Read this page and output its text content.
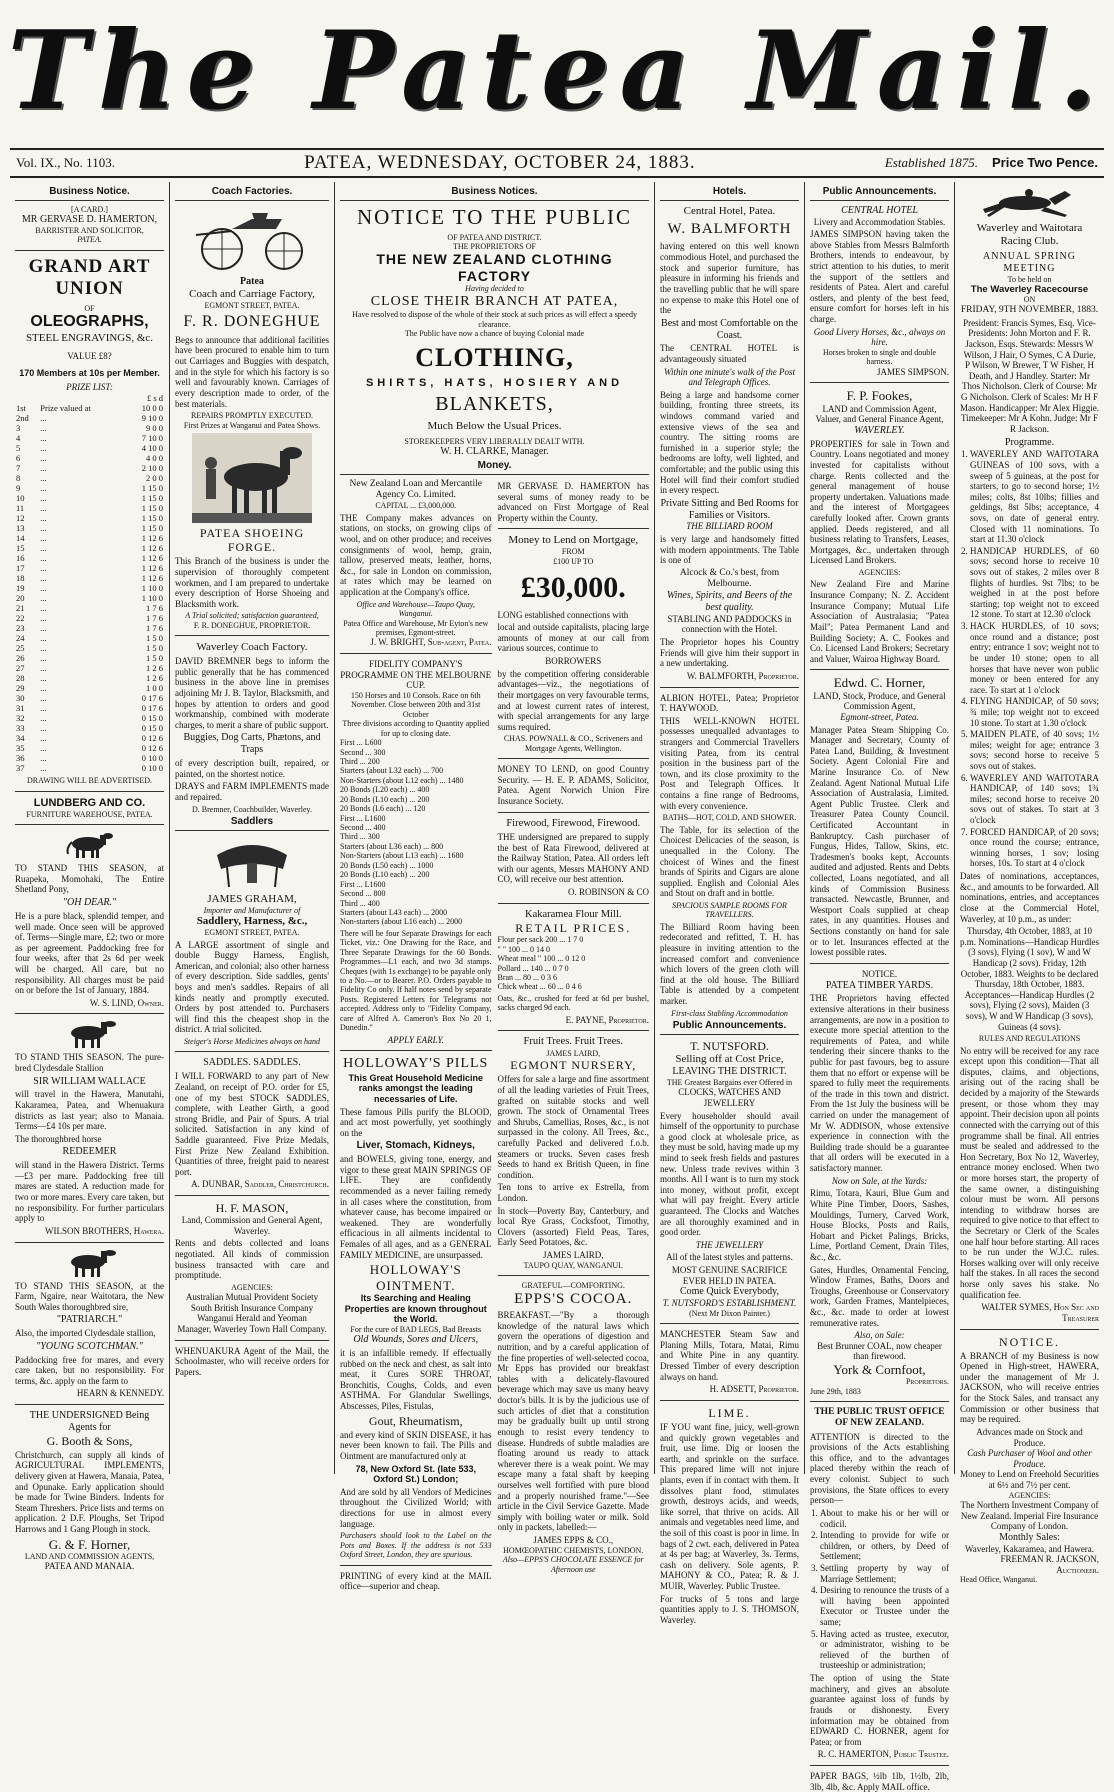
The Patea Mail.
Vol. IX., No. 1103.	PATEA, WEDNESDAY, OCTOBER 24, 1883.	Established 1875. Price Two Pence.
Business Notice.
[A CARD.]
MR GERVASE D. HAMERTON,
BARRISTER AND SOLICITOR,
PATEA.
GRAND ART UNION
OF
OLEOGRAPHS,
STEEL ENGRAVINGS, &c.
VALUE £8?
170 Members at 10s per Member.
PRIZE LIST:
		£ s d
1st	Prize valued at	10 0 0
2nd	...	9 10 0
3	...	9 0 0
4	...	7 10 0
5	...	4 10 0
6	...	4 0 0
7	...	2 10 0
8	...	2 0 0
9	...	1 15 0
10	...	1 15 0
11	...	1 15 0
12	...	1 15 0
13	...	1 15 0
14	...	1 12 6
15	...	1 12 6
16	...	1 12 6
17	...	1 12 6
18	...	1 12 6
19	...	1 10 0
20	...	1 10 0
21	...	1 7 6
22	...	1 7 6
23	...	1 7 6
24	...	1 5 0
25	...	1 5 0
26	...	1 5 0
27	...	1 2 6
28	...	1 2 6
29	...	1 0 0
30	...	0 17 6
31	...	0 17 6
32	...	0 15 0
33	...	0 15 0
34	...	0 12 6
35	...	0 12 6
36	...	0 10 0
37	...	0 10 0
DRAWING WILL BE ADVERTISED.
LUNDBERG AND CO.
FURNITURE WAREHOUSE, PATEA.

TO STAND THIS SEASON, at Ruapeka, Momohaki, The Entire Shetland Pony,

"OH DEAR."

He is a pure black, splendid temper, and well made. Once seen will be approved of. Terms—Single mare, £2; two or more as per agreement. Paddocking free for four weeks, after that 2s 6d per week will be charged. All care, but no responsibility. All charges must be paid on or before the 1st of January, 1884.

W. S. LIND, Owner.

TO STAND THIS SEASON. The pure-bred Clydesdale Stallion

SIR WILLIAM WALLACE

will travel in the Hawera, Manutahi, Kakaramea, Patea, and Whenuakura districts as last year; also to Manaia. Terms—£4 10s per mare.

The thoroughbred horse

REDEEMER

will stand in the Hawera District. Terms—£3 per mare. Paddocking free till mares are stated. A reduction made for two or more mares. Every care taken, but no responsibility. For further particulars apply to

WILSON BROTHERS, Hawera.

TO STAND THIS SEASON, at the Farm, Ngaire, near Waitotara, the New South Wales thoroughbred sire,

"PATRIARCH."

Also, the imported Clydesdale stallion,

"YOUNG SCOTCHMAN."

Paddocking free for mares, and every care taken, but no responsibility. For terms, &c. apply on the farm to

HEARN & KENNEDY.
THE UNDERSIGNED Being Agents for
G. Booth & Sons,

Christchurch, can supply all kinds of AGRICULTURAL IMPLEMENTS, delivery given at Hawera, Manaia, Patea, and Opunake. Early application should be made for Twine Binders. Indents for Steam Threshers. Price lists and terms on application. 2 D.F. Ploughs, Set Tripod Harrows and 1 Gang Plough in stock.

G. & F. Horner,
LAND AND COMMISSION AGENTS,
PATEA AND MANAIA.
Coach Factories.
Patea
Coach and Carriage Factory,
EGMONT STREET, PATEA.
F. R. DONEGHUE

Begs to announce that additional facilities have been procured to enable him to turn out Carriages and Buggies with despatch, and in the style for which his factory is so well and favourably known. Carriages of every description made to order, of the best materials.

REPAIRS PROMPTLY EXECUTED.
First Prizes at Wanganui and Patea Shows.
PATEA SHOEING FORGE.

This Branch of the business is under the supervision of thoroughly competent workmen, and I am prepared to undertake every description of Horse Shoeing and Blacksmith work.

A Trial solicited; satisfaction guaranteed,
F. R. DONEGHUE, PROPRIETOR.
Waverley Coach Factory.

DAVID BREMNER begs to inform the public generally that he has commenced business in the above line in premises adjoining Mr J. B. Taylor, Blacksmith, and hopes by attention to orders and good workmanship, combined with moderate charges, to merit a share of public support.

Buggies, Dog Carts, Phætons, and Traps

of every description built, repaired, or painted, on the shortest notice.

DRAYS and FARM IMPLEMENTS made and repaired.

D. Bremner, Coachbuilder, Waverley.
Saddlers
JAMES GRAHAM,
Importer and Manufacturer of
Saddlery, Harness, &c.,
EGMONT STREET, PATEA.

A LARGE assortment of single and double Buggy Harness, English, American, and colonial; also other harness of every description. Side saddles, gents' boys and men's saddles. Repairs of all kinds neatly and promptly executed. Orders by post attended to. Purchasers will find this the cheapest shop in the district. A trial solicited.

Steiger's Horse Medicines always on hand
SADDLES. SADDLES.

I WILL FORWARD to any part of New Zealand, on receipt of P.O. order for £5, one of my best STOCK SADDLES, complete, with Leather Girth, a good strong Bridle, and Pair of Spurs. A trial solicited. Satisfaction in any kind of Saddle guaranteed. Five Prize Medals, First Prize New Zealand Exhibition. Quantities of three, freight paid to nearest port.

A. DUNBAR, Saddler, Christchurch.
H. F. MASON,
Land, Commission and General Agent, Waverley.

Rents and debts collected and loans negotiated. All kinds of commission business transacted with care and promptitude.

AGENCIES:
Australian Mutual Provident Society South British Insurance Company Wanganui Herald and Yeoman
Manager, Waverley Town Hall Company.

WHENUAKURA Agent of the Mail, the Schoolmaster, who will receive orders for Papers.

Business Notices.
NOTICE TO THE PUBLIC
OF PATEA AND DISTRICT.
THE PROPRIETORS OF
THE NEW ZEALAND CLOTHING FACTORY
Having decided to
CLOSE THEIR BRANCH AT PATEA,
Have resolved to dispose of the whole of their stock at such prices as will effect a speedy clearance.
The Public have now a chance of buying Colonial made
CLOTHING,
SHIRTS, HATS, HOSIERY AND
BLANKETS,
Much Below the Usual Prices.
STOREKEEPERS VERY LIBERALLY DEALT WITH.
W. H. CLARKE, Manager.
Money.
New Zealand Loan and Mercantile Agency Co. Limited.
CAPITAL ... £3,000,000.

THE Company makes advances on stations, on stocks, on growing clips of wool, and on other produce; and receives consignments of wool, hemp, grain, tallow, preserved meats, leather, horns, &c., for sale in London on commission, at rates which may be learned on application at the Company's office.

Office and Warehouse—Taupo Quay, Wanganui.
Patea Office and Warehouse, Mr Eyton's new premises, Egmont-street.
J. W. BRIGHT, Sub-agent, Patea.
FIDELITY COMPANY'S PROGRAMME ON THE MELBOURNE CUP.
150 Horses and 10 Consols. Race on 6th November. Close between 20th and 31st October
Three divisions according to Quantity applied for up to closing date.
First ... L600
Second ... 300
Third ... 200
Starters (about L32 each) ... 700
Non-Starters (about L12 each) ... 1480
20 Bonds (L20 each) ... 400
20 Bonds (L10 each) ... 200
20 Bonds (L6 each) ... 120
First ... L1600
Second ... 400
Third ... 300
Starters (about L36 each) ... 800
Non-Starters (about L13 each) ... 1680
20 Bonds (L50 each) ... 1000
20 Bonds (L10 each) ... 200
First ... L1600
Second ... 800
Third ... 400
Starters (about L43 each) ... 2000
Non-starters (about L16 each) ... 2000

There will be four Separate Drawings for each Ticket, viz.: One Drawing for the Race, and Three Separate Drawings for the 60 Bonds. Programmes—L1 each, and two 3d stamps. Cheques (with 1s exchange) to be payable only to a No.—or to Bearer. P.O. Orders payable to Fidelity Co only. If half notes send by separate Posts. Registered Letters for Telegrams not accepted. Address only to "Fidelity Company, care of Alfred A. Cameron's Box No 20 1, Dunedin."

APPLY EARLY.
HOLLOWAY'S PILLS
This Great Household Medicine ranks amongst the leading necessaries of Life.

These famous Pills purify the BLOOD, and act most powerfully, yet soothingly on the

Liver, Stomach, Kidneys,

and BOWELS, giving tone, energy, and vigor to these great MAIN SPRINGS OF LIFE. They are confidently recommended as a never failing remedy in all cases where the constitution, from whatever cause, has become impaired or weakened. They are wonderfully efficacious in all ailments incidental to Females of all ages, and as a GENERAL FAMILY MEDICINE, are unsurpassed.

HOLLOWAY'S OINTMENT.
Its Searching and Healing Properties are known throughout the World.
For the cure of BAD LEGS, Bad Breasts
Old Wounds, Sores and Ulcers,

it is an infallible remedy. If effectually rubbed on the neck and chest, as salt into meat, it Cures SORE THROAT, Bronchitis, Coughs, Colds, and even ASTHMA. For Glandular Swellings, Abscesses, Piles, Fistulas,

Gout, Rheumatism,

and every kind of SKIN DISEASE, it has never been known to fail. The Pills and Ointment are manufactured only at

78, New Oxford St. (late 533, Oxford St.) London;

And are sold by all Vendors of Medicines throughout the Civilized World; with directions for use in almost every language.

Purchasers should look to the Label on the Pots and Boxes. If the address is not 533 Oxford Street, London, they are spurious.

PRINTING of every kind at the MAIL office—superior and cheap.

MR GERVASE D. HAMERTON has several sums of money ready to be advanced on First Mortgage of Real Property within the County.

Money to Lend on Mortgage,
FROM
£100 UP TO
£30,000.

LONG established connections with

local and outside capitalists, placing large amounts of money at our call from various sources, continue to

BORROWERS

by the competition offering considerable advantages—viz., the negotiations of their mortgages on very favourable terms, and at lowest current rates of interest, with special arrangements for any large sums required.

CHAS. POWNALL & CO., Scriveners and Mortgage Agents, Wellington.

MONEY TO LEND, on good Country Security. — H. E. P. ADAMS, Solicitor, Patea. Agent Norwich Union Fire Insurance Society.

Firewood, Firewood, Firewood.

THE undersigned are prepared to supply the best of Rata Firewood, delivered at the Railway Station, Patea. All orders left with our agents, Messrs MAHONY AND CO, will receive our best attention.

O. ROBINSON & CO
Kakaramea Flour Mill.
RETAIL PRICES.
Flour per sack 200 ... 1 7 0
" " 100 ... 0 14 0
Wheat meal " 100 ... 0 12 0
Pollard ... 140 ... 0 7 0
Bran ... 80 ... 0 3 6
Chick wheat ... 60 ... 0 4 6

Oats, &c., crushed for feed at 6d per bushel, sacks charged 9d each.

E. PAYNE, Proprietor.
Fruit Trees. Fruit Trees.
JAMES LAIRD,
EGMONT NURSERY,

Offers for sale a large and fine assortment of all the leading varieties of Fruit Trees, grafted on suitable stocks and well grown. The stock of Ornamental Trees and Shrubs, Camellias, Roses, &c., is not surpassed in the colony. All Trees, &c., carefully Packed and delivered f.o.b. steamers or trucks. Seven cases fresh Seeds to hand ex British Queen, in fine condition.

Ten tons to arrive ex Estrella, from London.

In stock—Poverty Bay, Canterbury, and local Rye Grass, Cocksfoot, Timothy, Clovers (assorted) Field Peas, Tares, Early Seed Potatoes, &c.

JAMES LAIRD,
TAUPO QUAY, WANGANUI.
GRATEFUL—COMFORTING.
EPPS'S COCOA.

BREAKFAST.—"By a thorough knowledge of the natural laws which govern the operations of digestion and nutrition, and by a careful application of the fine properties of well-selected cocoa, Mr Epps has provided our breakfast tables with a delicately-flavoured beverage which may save us many heavy doctor's bills. It is by the judicious use of such articles of diet that a constitution may be gradually built up until strong enough to resist every tendency to disease. Hundreds of subtle maladies are floating around us ready to attack wherever there is a weak point. We may escape many a fatal shaft by keeping ourselves well fortified with pure blood and a properly nourished frame."—See article in the Civil Service Gazette. Made simply with boiling water or milk. Sold only in packets, labelled:—

JAMES EPPS & CO.,
HOMŒOPATHIC CHEMISTS, LONDON.
Also—EPPS'S CHOCOLATE ESSENCE for Afternoon use
Hotels.
Central Hotel, Patea.
W. BALMFORTH

having entered on this well known commodious Hotel, and purchased the stock and superior furniture, has pleasure in informing his friends and the travelling public that he will spare no expense to make this Hotel one of the

Best and most Comfortable on the Coast.

The CENTRAL HOTEL is advantageously situated

Within one minute's walk of the Post and Telegraph Offices.

Being a large and handsome corner building, fronting three streets, its windows command varied and extensive views of the sea and country. The sitting rooms are furnished in a superior style; the bedrooms are lofty, well lighted, and comfortable; and the public using this Hotel will find their comfort studied in every respect.

Private Sitting and Bed Rooms for Families or Visitors.
THE BILLIARD ROOM

is very large and handsomely fitted with modern appointments. The Table is one of

Alcock & Co.'s best, from Melbourne.
Wines, Spirits, and Beers of the best quality.
STABLING AND PADDOCKS in connection with the Hotel.

The Proprietor hopes his Country Friends will give him their support in a new undertaking.

W. BALMFORTH, Proprietor.

ALBION HOTEL, Patea; Proprietor T. HAYWOOD.

THIS WELL-KNOWN HOTEL possesses unequalled advantages to strangers and Commercial Travellers visiting Patea, from its central position in the business part of the town, and its close proximity to the Post and Telegraph Offices. It contains a fine range of Bedrooms, with every convenience.

BATHS—HOT, COLD, AND SHOWER.

The Table, for its selection of the Choicest Delicacies of the season, is unequalled in the Colony. The choicest of Wines and the finest brands of Spirits and Cigars are alone supplied. English and Colonial Ales and Stout on draft and in bottle.

SPACIOUS SAMPLE ROOMS FOR TRAVELLERS.

The Billiard Room having been redecorated and refitted, T. H. has pleasure in inviting attention to the increased comfort and convenience which lovers of the green cloth will find at the old house. The Billiard Table is attended by a competent marker.

First-class Stabling Accommodation
Public Announcements.
T. NUTSFORD.
Selling off at Cost Price,
LEAVING THE DISTRICT.
THE Greatest Bargains ever Offered in
CLOCKS, WATCHES AND JEWELLERY

Every householder should avail himself of the opportunity to purchase a good clock at wholesale price, as they must be sold, having made up my mind to seek fresh fields and pastures new. Unless trade revives within 3 months. All I want is to turn my stock into money, without profit, except what will pay freight. Every article guaranteed. The Clocks and Watches are all thoroughly examined and in good order.

THE JEWELLERY

All of the latest styles and patterns.

MOST GENUINE SACRIFICE EVER HELD IN PATEA.
Come Quick Everybody,
T. NUTSFORD'S ESTABLISHMENT.
(Next Mr Dixon Painter.)

MANCHESTER Steam Saw and Planing Mills, Totara, Matai, Rimu and White Pine in any quantity. Dressed Timber of every description always on hand.

H. ADSETT, Proprietor.
LIME.

IF YOU want fine, juicy, well-grown and quickly grown vegetables and fruit, use lime. Dig or loosen the earth, and sprinkle on the surface. This prepared lime will not injure plants, even if in contact with them. It dissolves plant food, stimulates growth, destroys acids, and weeds, like sorrel, that thrive on acids. All animals and vegetables need lime, and the soil of this coast is poor in lime. In bags of 2 cwt. each, delivered in Patea at 4s per bag; at Waverley, 3s. Terms, cash on delivery. Sole agents, P. MAHONY & CO., Patea; R. & J. MUIR, Waverley. Public Trustee.

For trucks of 5 tons and large quantities apply to J. S. THOMSON, Waverley.

Public Announcements.
CENTRAL HOTEL
Livery and Accommodation Stables.

JAMES SIMPSON having taken the above Stables from Messrs Balmforth Brothers, intends to endeavour, by strict attention to his duties, to merit the support of the settlers and residents of Patea. Alert and careful ostlers, and plenty of the best feed, ensure comfort for horses left in his charge.

Good Livery Horses, &c., always on hire.
Horses broken to single and double harness.
JAMES SIMPSON.
F. P. Fookes,
LAND and Commission Agent, Valuer, and General Finance Agent,
WAVERLEY.

PROPERTIES for sale in Town and Country. Loans negotiated and money invested for capitalists without charge. Rents collected and the general management of house property undertaken. Valuations made and the interest of Mortgagees carefully looked after. Crown grants applied. Deeds registered, and all business relating to Transfers, Leases, Mortgages, &c., undertaken through Licensed Land Brokers.

AGENCIES:

New Zealand Fire and Marine Insurance Company; N. Z. Accident Insurance Company; Mutual Life Association of Australasia; "Patea Mail"; Patea Permanent Land and Building Society; A. C. Fookes and Co. Licensed Land Brokers; Secretary and Valuer, Wairoa Highway Board.

Edwd. C. Horner,
LAND, Stock, Produce, and General Commission Agent,
Egmont-street, Patea.

Manager Patea Steam Shipping Co. Manager and Secretary, County of Patea Land, Building, & Investment Society. Agent Colonial Fire and Marine Insurance Co. of New Zealand. Agent National Mutual Life Association of Australasia, Limited. Agent Public Trustee. Clerk and Treasurer Patea County Council. Certificated Accountant in Bankruptcy. Cash purchaser of Fungus, Hides, Tallow, Skins, etc. Tradesmen's books kept, Accounts audited and adjusted. Rents and Debts collected, Loans negotiated, and all kinds of Commission Business transacted. Newcastle, Brunner, and Westport Coals supplied at cheap rates, in any quantities. Houses and Sections constantly on hand for sale or to let. Insurances effected at the lowest possible rates.

NOTICE.
PATEA TIMBER YARDS.

THE Proprietors having effected extensive alterations in their business arrangements, are now in a position to execute more special attention to the requirements of Patea, and while tendering their sincere thanks to the public for past favours, beg to assure them that no effort or expense will be spared to fully meet the requirements of the trade in this town and district. From the 1st July the business will be carried on under the management of Mr W. ADDISON, whose extensive experience in connection with the Building trade should be a guarantee that all orders will be executed in a satisfactory manner.

Now on Sale, at the Yards:

Rimu, Totara, Kauri, Blue Gum and White Pine Timber, Doors, Sashes, Mouldings, Turnery, Carved Work, House Blocks, Posts and Rails, Hobart and Picket Palings, Bricks, Lime, Portland Cement, Drain Tiles, &c., &c.

Gates, Hurdles, Ornamental Fencing, Window Frames, Baths, Doors and Troughs, Greenhouse or Conservatory work, Garden Frames, Mantelpieces, &c., &c. made to order at lowest remunerative rates.

Also, on Sale:
Best Brunner COAL, now cheaper than firewood.
York & Cornfoot,
Proprietors.
June 29th, 1883
THE PUBLIC TRUST OFFICE OF NEW ZEALAND.

ATTENTION is directed to the provisions of the Acts establishing this office, and to the advantages placed thereby within the reach of every colonist. Subject to such provisions, the State offices to every person—

1. About to make his or her will or codicil.
2. Intending to provide for wife or children, or others, by Deed of Settlement;
3. Settling property by way of Marriage Settlement;
4. Desiring to renounce the trusts of a will having been appointed Executor or Trustee under the same;
5. Having acted as trustee, executor, or administrator, wishing to be relieved of the burthen of trusteeship or administration;

The option of using the State machinery, and gives an absolute guarantee against loss of funds by frauds or dishonesty. Every information may be obtained from EDWARD C. HORNER, agent for Patea; or from

R. C. HAMERTON, Public Trustee.

PAPER BAGS, ½lb 1lb, 1½lb, 2lb, 3lb, 4lb, &c. Apply MAIL office.

Waverley and Waitotara Racing Club.
ANNUAL SPRING MEETING
To be held on
The Waverley Racecourse
ON
FRIDAY, 9TH NOVEMBER, 1883.

President: Francis Symes, Esq. Vice-Presidents: John Morton and F. R. Jackson, Esqs. Stewards: Messrs W Wilson, J Hair, O Symes, C A Durie, P Wilson, W Brewer, T W Fisher, H Death, and J Handley. Starter: Mr Thos Nicholson. Clerk of Course: Mr G Nicholson. Clerk of Scales: Mr H F Mason. Handicapper: Mr Alex Higgie. Timekeeper: Mr A Kohn. Judge: Mr F R Jackson.

Programme.
1. WAVERLEY AND WAITOTARA GUINEAS of 100 sovs, with a sweep of 5 guineas, at the post for starters, to go to second horse; 1½ miles; colts, 8st 10lbs; fillies and geldings, 8st 5lbs; acceptance, 4 sovs, on date of general entry. Closed with 11 nominations. To start at 11.30 o'clock
2. HANDICAP HURDLES, of 60 sovs; second horse to receive 10 sovs out of stakes, 2 miles over 8 flights of hurdles. 9st 7lbs; to be weighed in at the post before starting; top weight not to exceed 12 stone. To start at 12.30 o'clock
3. HACK HURDLES, of 10 sovs; once round and a distance; post entry; entrance 1 sov; weight not to be under 10 stone; open to all horses that have never won public money or been entered for any race. To start at 1 o'clock
4. FLYING HANDICAP, of 50 sovs; ¾ mile; top weight not to exceed 10 stone. To start at 1.30 o'clock
5. MAIDEN PLATE, of 40 sovs; 1½ miles; weight for age; entrance 3 sovs; second horse to receive 5 sovs out of stakes.
6. WAVERLEY AND WAITOTARA HANDICAP, of 140 sovs; 1¾ miles; second horse to receive 20 sovs out of stakes. To start at 3 o'clock
7. FORCED HANDICAP, of 20 sovs; once round the course; entrance, winning horses, 1 sov; losing horses, 10s. To start at 4 o'clock

Dates of nominations, acceptances, &c., and amounts to be forwarded. All nominations, entries, and acceptances close at the Commercial Hotel, Waverley, at 10 p.m., as under:

Thursday, 4th October, 1883, at 10 p.m. Nominations—Handicap Hurdles (3 sovs), Flying (1 sov), W and W Handicap (2 sovs). Friday, 12th October, 1883. Weights to be declared Thursday, 18th October, 1883. Acceptances—Handicap Hurdles (2 sovs), Flying (2 sovs), Maiden (3 sovs), W and W Handicap (3 sovs), Guineas (4 sovs).

RULES AND REGULATIONS

No entry will be received for any race except upon this condition—That all disputes, claims, and objections, arising out of the racing shall be decided by a majority of the Stewards present, or those whom they may appoint. Their decision upon all points connected with the carrying out of this programme shall be final. All entries must be sealed and addressed to the Hon Secretary, Box No 12, Waverley, entrance money enclosed. When two or more horses start, the property of the same owner, a distinguishing colour must be worn. All persons intending to withdraw horses are required to give notice to that effect to the Secretary or Clerk of the Scales one half hour before starting. All races to be run under the W.J.C. rules. Horses walking over will only receive half the stakes. In all races the second horse only saves his stake. No qualification fee.

WALTER SYMES, Hon Sec and Treasurer
NOTICE.

A BRANCH of my Business is now Opened in High-street, HAWERA, under the management of Mr J. JACKSON, who will receive entries for the Stock Sales, and transact any Commission or other business that may be required.

Advances made on Stock and Produce.
Cash Purchaser of Wool and other Produce.
Money to Lend on Freehold Securities at 6½ and 7½ per cent.
AGENCIES:
The Northern Investment Company of New Zealand. Imperial Fire Insurance Company of London.
Monthly Sales:
Waverley, Kakaramea, and Hawera.
FREEMAN R. JACKSON, Auctioneer.
Head Office, Wanganui.
